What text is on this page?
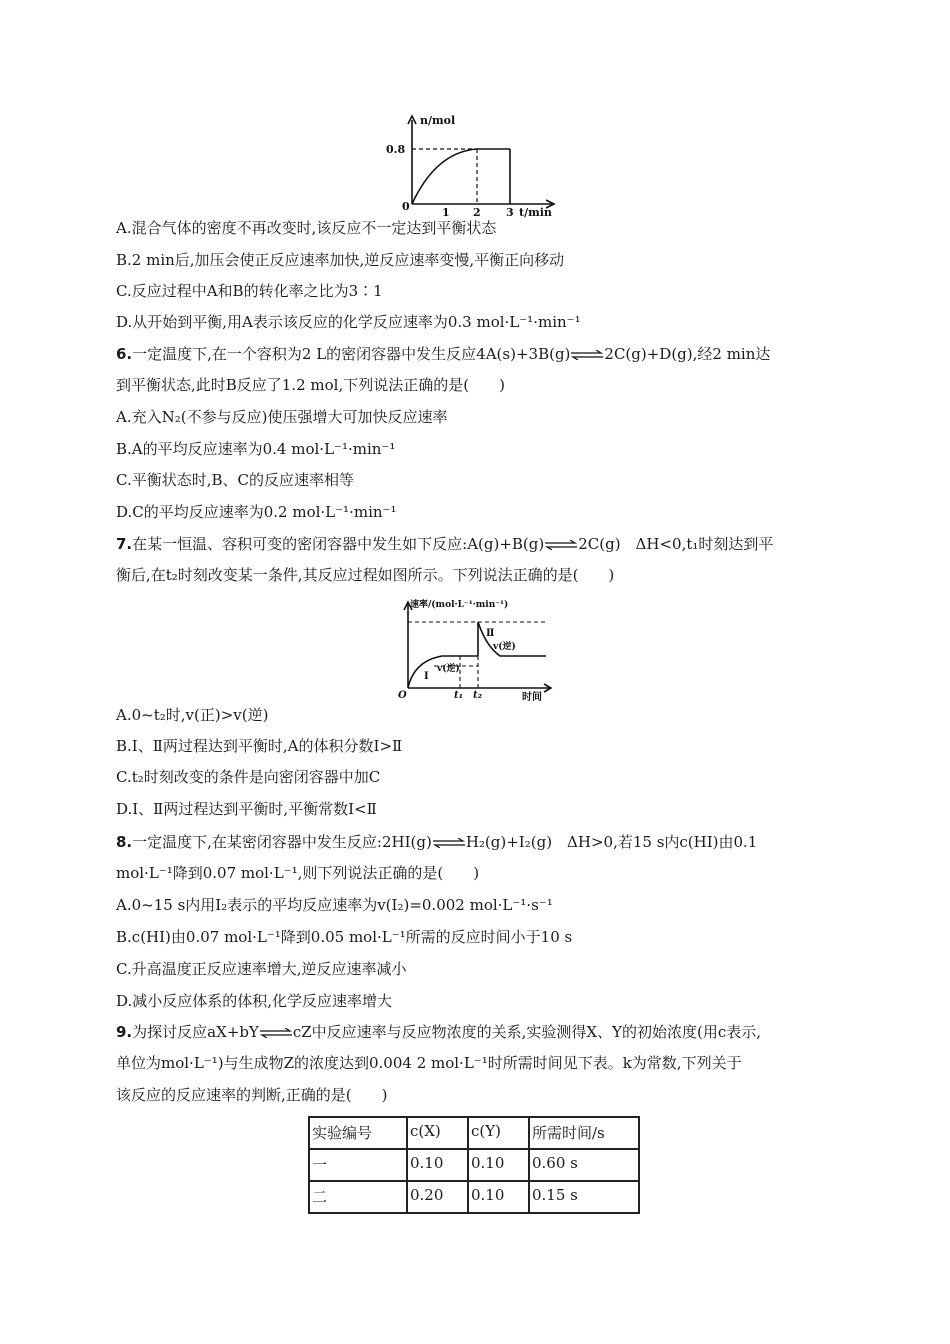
n/mol
0.8
0	1 2 3 t/min
A.混合气体的密度不再改变时,该反应不一定达到平衡状态
B.2 min后,加压会使正反应速率加快,逆反应速率变慢,平衡正向移动
C.反应过程中A和B的转化率之比为3∶1
D.从开始到平衡,用A表示该反应的化学反应速率为0.3 mol·L⁻¹·min⁻¹
6.一定温度下,在一个容积为2 L的密闭容器中发生反应4A(s)+3B(g)⇌2C(g)+D(g),经2 min达
到平衡状态,此时B反应了1.2 mol,下列说法正确的是(　　)
A.充入N₂(不参与反应)使压强增大可加快反应速率
B.A的平均反应速率为0.4 mol·L⁻¹·min⁻¹
C.平衡状态时,B、C的反应速率相等
D.C的平均反应速率为0.2 mol·L⁻¹·min⁻¹
7.在某一恒温、容积可变的密闭容器中发生如下反应:A(g)+B(g)⇌2C(g)　ΔH<0,t₁时刻达到平
衡后,在t₂时刻改变某一条件,其反应过程如图所示。下列说法正确的是(　　)
速率/(mol·L⁻¹·min⁻¹)
O	t₁ t₂	时间
Ⅰ
Ⅱ
v(逆)
v(逆)
A.0~t₂时,v(正)>v(逆)
B.Ⅰ、Ⅱ两过程达到平衡时,A的体积分数Ⅰ>Ⅱ
C.t₂时刻改变的条件是向密闭容器中加C
D.Ⅰ、Ⅱ两过程达到平衡时,平衡常数Ⅰ<Ⅱ
8.一定温度下,在某密闭容器中发生反应:2HI(g)⇌H₂(g)+I₂(g)　ΔH>0,若15 s内c(HI)由0.1
mol·L⁻¹降到0.07 mol·L⁻¹,则下列说法正确的是(　　)
A.0~15 s内用I₂表示的平均反应速率为v(I₂)=0.002 mol·L⁻¹·s⁻¹
B.c(HI)由0.07 mol·L⁻¹降到0.05 mol·L⁻¹所需的反应时间小于10 s
C.升高温度正反应速率增大,逆反应速率减小
D.减小反应体系的体积,化学反应速率增大
9.为探讨反应aX+bY⇌cZ中反应速率与反应物浓度的关系,实验测得X、Y的初始浓度(用c表示,
单位为mol·L⁻¹)与生成物Z的浓度达到0.004 2 mol·L⁻¹时所需时间见下表。k为常数,下列关于
该反应的反应速率的判断,正确的是(　　)
实验编号	c(X)	c(Y)	所需时间/s
一	0.10	0.10	0.60 s
二	0.20	0.10	0.15 s
